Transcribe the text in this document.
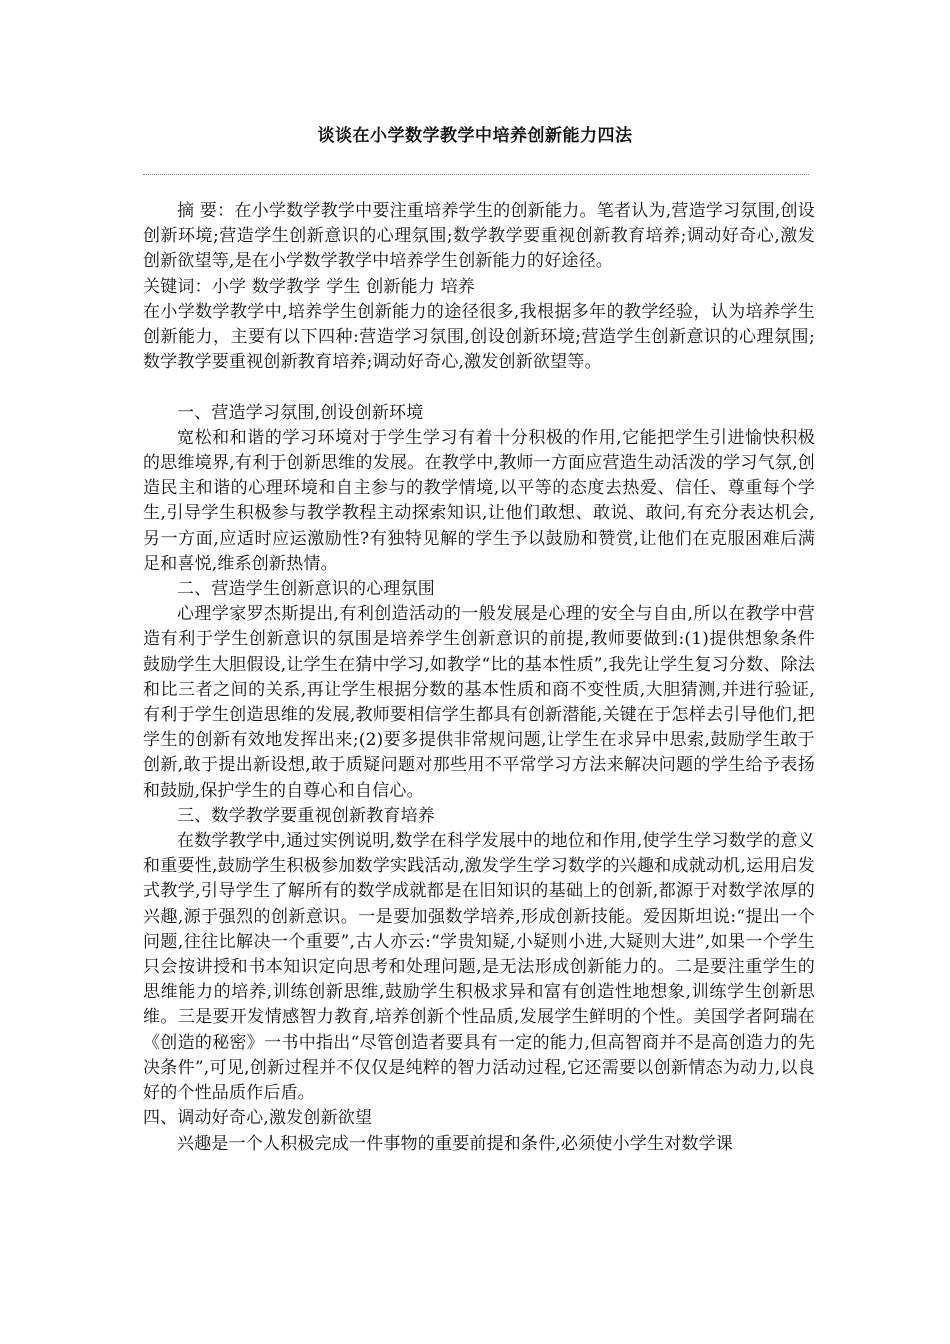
谈谈在小学数学教学中培养创新能力四法

摘 要：在小学数学教学中要注重培养学生的创新能力。笔者认为,营造学习氛围,创设创新环境;营造学生创新意识的心理氛围;数学教学要重视创新教育培养;调动好奇心,激发创新欲望等,是在小学数学教学中培养学生创新能力的好途径。

关键词：小学 数学教学 学生 创新能力 培养

在小学数学教学中,培养学生创新能力的途径很多,我根据多年的教学经验，认为培养学生创新能力，主要有以下四种:营造学习氛围,创设创新环境;营造学生创新意识的心理氛围;数学教学要重视创新教育培养;调动好奇心,激发创新欲望等。

一、营造学习氛围,创设创新环境

宽松和和谐的学习环境对于学生学习有着十分积极的作用,它能把学生引进愉快积极的思维境界,有利于创新思维的发展。在教学中,教师一方面应营造生动活泼的学习气氛,创造民主和谐的心理环境和自主参与的教学情境,以平等的态度去热爱、信任、尊重每个学生,引导学生积极参与教学教程主动探索知识,让他们敢想、敢说、敢问,有充分表达机会,另一方面,应适时应运激励性?有独特见解的学生予以鼓励和赞赏,让他们在克服困难后满足和喜悦,维系创新热情。

二、营造学生创新意识的心理氛围

心理学家罗杰斯提出,有利创造活动的一般发展是心理的安全与自由,所以在教学中营造有利于学生创新意识的氛围是培养学生创新意识的前提,教师要做到:(1)提供想象条件鼓励学生大胆假设,让学生在猜中学习,如教学“比的基本性质”,我先让学生复习分数、除法和比三者之间的关系,再让学生根据分数的基本性质和商不变性质,大胆猜测,并进行验证,有利于学生创造思维的发展,教师要相信学生都具有创新潜能,关键在于怎样去引导他们,把学生的创新有效地发挥出来;(2)要多提供非常规问题,让学生在求异中思索,鼓励学生敢于创新,敢于提出新设想,敢于质疑问题对那些用不平常学习方法来解决问题的学生给予表扬和鼓励,保护学生的自尊心和自信心。

三、数学教学要重视创新教育培养

在数学教学中,通过实例说明,数学在科学发展中的地位和作用,使学生学习数学的意义和重要性,鼓励学生积极参加数学实践活动,激发学生学习数学的兴趣和成就动机,运用启发式教学,引导学生了解所有的数学成就都是在旧知识的基础上的创新,都源于对数学浓厚的兴趣,源于强烈的创新意识。一是要加强数学培养,形成创新技能。爱因斯坦说:“提出一个问题,往往比解决一个重要”,古人亦云:“学贵知疑,小疑则小进,大疑则大进”,如果一个学生只会按讲授和书本知识定向思考和处理问题,是无法形成创新能力的。二是要注重学生的思维能力的培养,训练创新思维,鼓励学生积极求异和富有创造性地想象,训练学生创新思维。三是要开发情感智力教育,培养创新个性品质,发展学生鲜明的个性。美国学者阿瑞在《创造的秘密》一书中指出“尽管创造者要具有一定的能力,但高智商并不是高创造力的先决条件”,可见,创新过程并不仅仅是纯粹的智力活动过程,它还需要以创新情态为动力,以良好的个性品质作后盾。

四、调动好奇心,激发创新欲望

兴趣是一个人积极完成一件事物的重要前提和条件,必须使小学生对数学课
